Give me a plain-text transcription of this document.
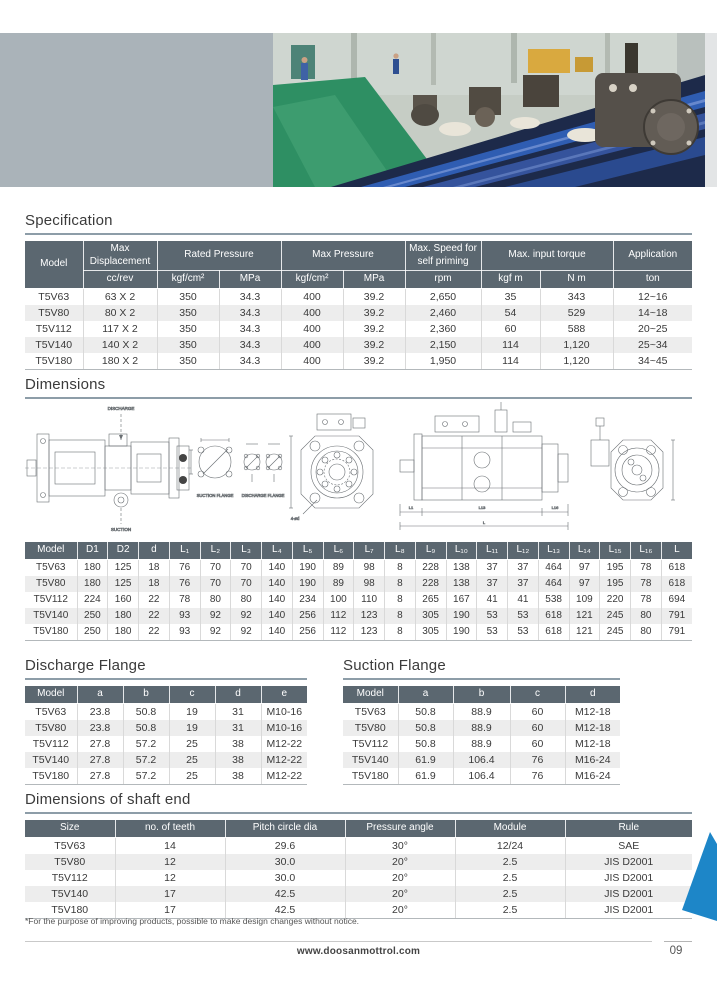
Specification
Model	Max Displacement	Rated Pressure		Max Pressure		Max. Speed for self priming	Max. input torque		Application
	cc/rev	kgf/cm²	MPa	kgf/cm²	MPa	rpm	kgf m	N m	ton
T5V63	63 X 2	350	34.3	400	39.2	2,650	35	343	12~16
T5V80	80 X 2	350	34.3	400	39.2	2,460	54	529	14~18
T5V112	117 X 2	350	34.3	400	39.2	2,360	60	588	20~25
T5V140	140 X 2	350	34.3	400	39.2	2,150	114	1,120	25~34
T5V180	180 X 2	350	34.3	400	39.2	1,950	114	1,120	34~45
Dimensions
DISCHARGE
SUCTION
SUCTION FLANGE DISCHARGE FLANGE
4-ød
L1	L13	L16
L
Model	D1	D2	d	L₁	L₂	L₃	L₄	L₅	L₆	L₇	L₈	L₉	L₁₀	L₁₁	L₁₂	L₁₃	L₁₄	L₁₅	L₁₆	L
T5V63	180	125	18	76	70	70	140	190	89	98	8	228	138	37	37	464	97	195	78	618
T5V80	180	125	18	76	70	70	140	190	89	98	8	228	138	37	37	464	97	195	78	618
T5V112	224	160	22	78	80	80	140	234	100	110	8	265	167	41	41	538	109	220	78	694
T5V140	250	180	22	93	92	92	140	256	112	123	8	305	190	53	53	618	121	245	80	791
T5V180	250	180	22	93	92	92	140	256	112	123	8	305	190	53	53	618	121	245	80	791
Discharge Flange
Model	a	b	c	d	e
T5V63	23.8	50.8	19	31	M10-16
T5V80	23.8	50.8	19	31	M10-16
T5V112	27.8	57.2	25	38	M12-22
T5V140	27.8	57.2	25	38	M12-22
T5V180	27.8	57.2	25	38	M12-22
Suction Flange
Model	a	b	c	d
T5V63	50.8	88.9	60	M12-18
T5V80	50.8	88.9	60	M12-18
T5V112	50.8	88.9	60	M12-18
T5V140	61.9	106.4	76	M16-24
T5V180	61.9	106.4	76	M16-24
Dimensions of shaft end
Size	no. of teeth	Pitch circle dia	Pressure angle	Module	Rule
T5V63	14	29.6	30°	12/24	SAE
T5V80	12	30.0	20°	2.5	JIS D2001
T5V112	12	30.0	20°	2.5	JIS D2001
T5V140	17	42.5	20°	2.5	JIS D2001
T5V180	17	42.5	20°	2.5	JIS D2001
*For the purpose of improving products, possible to make design changes without notice.
www.doosanmottrol.com	09
